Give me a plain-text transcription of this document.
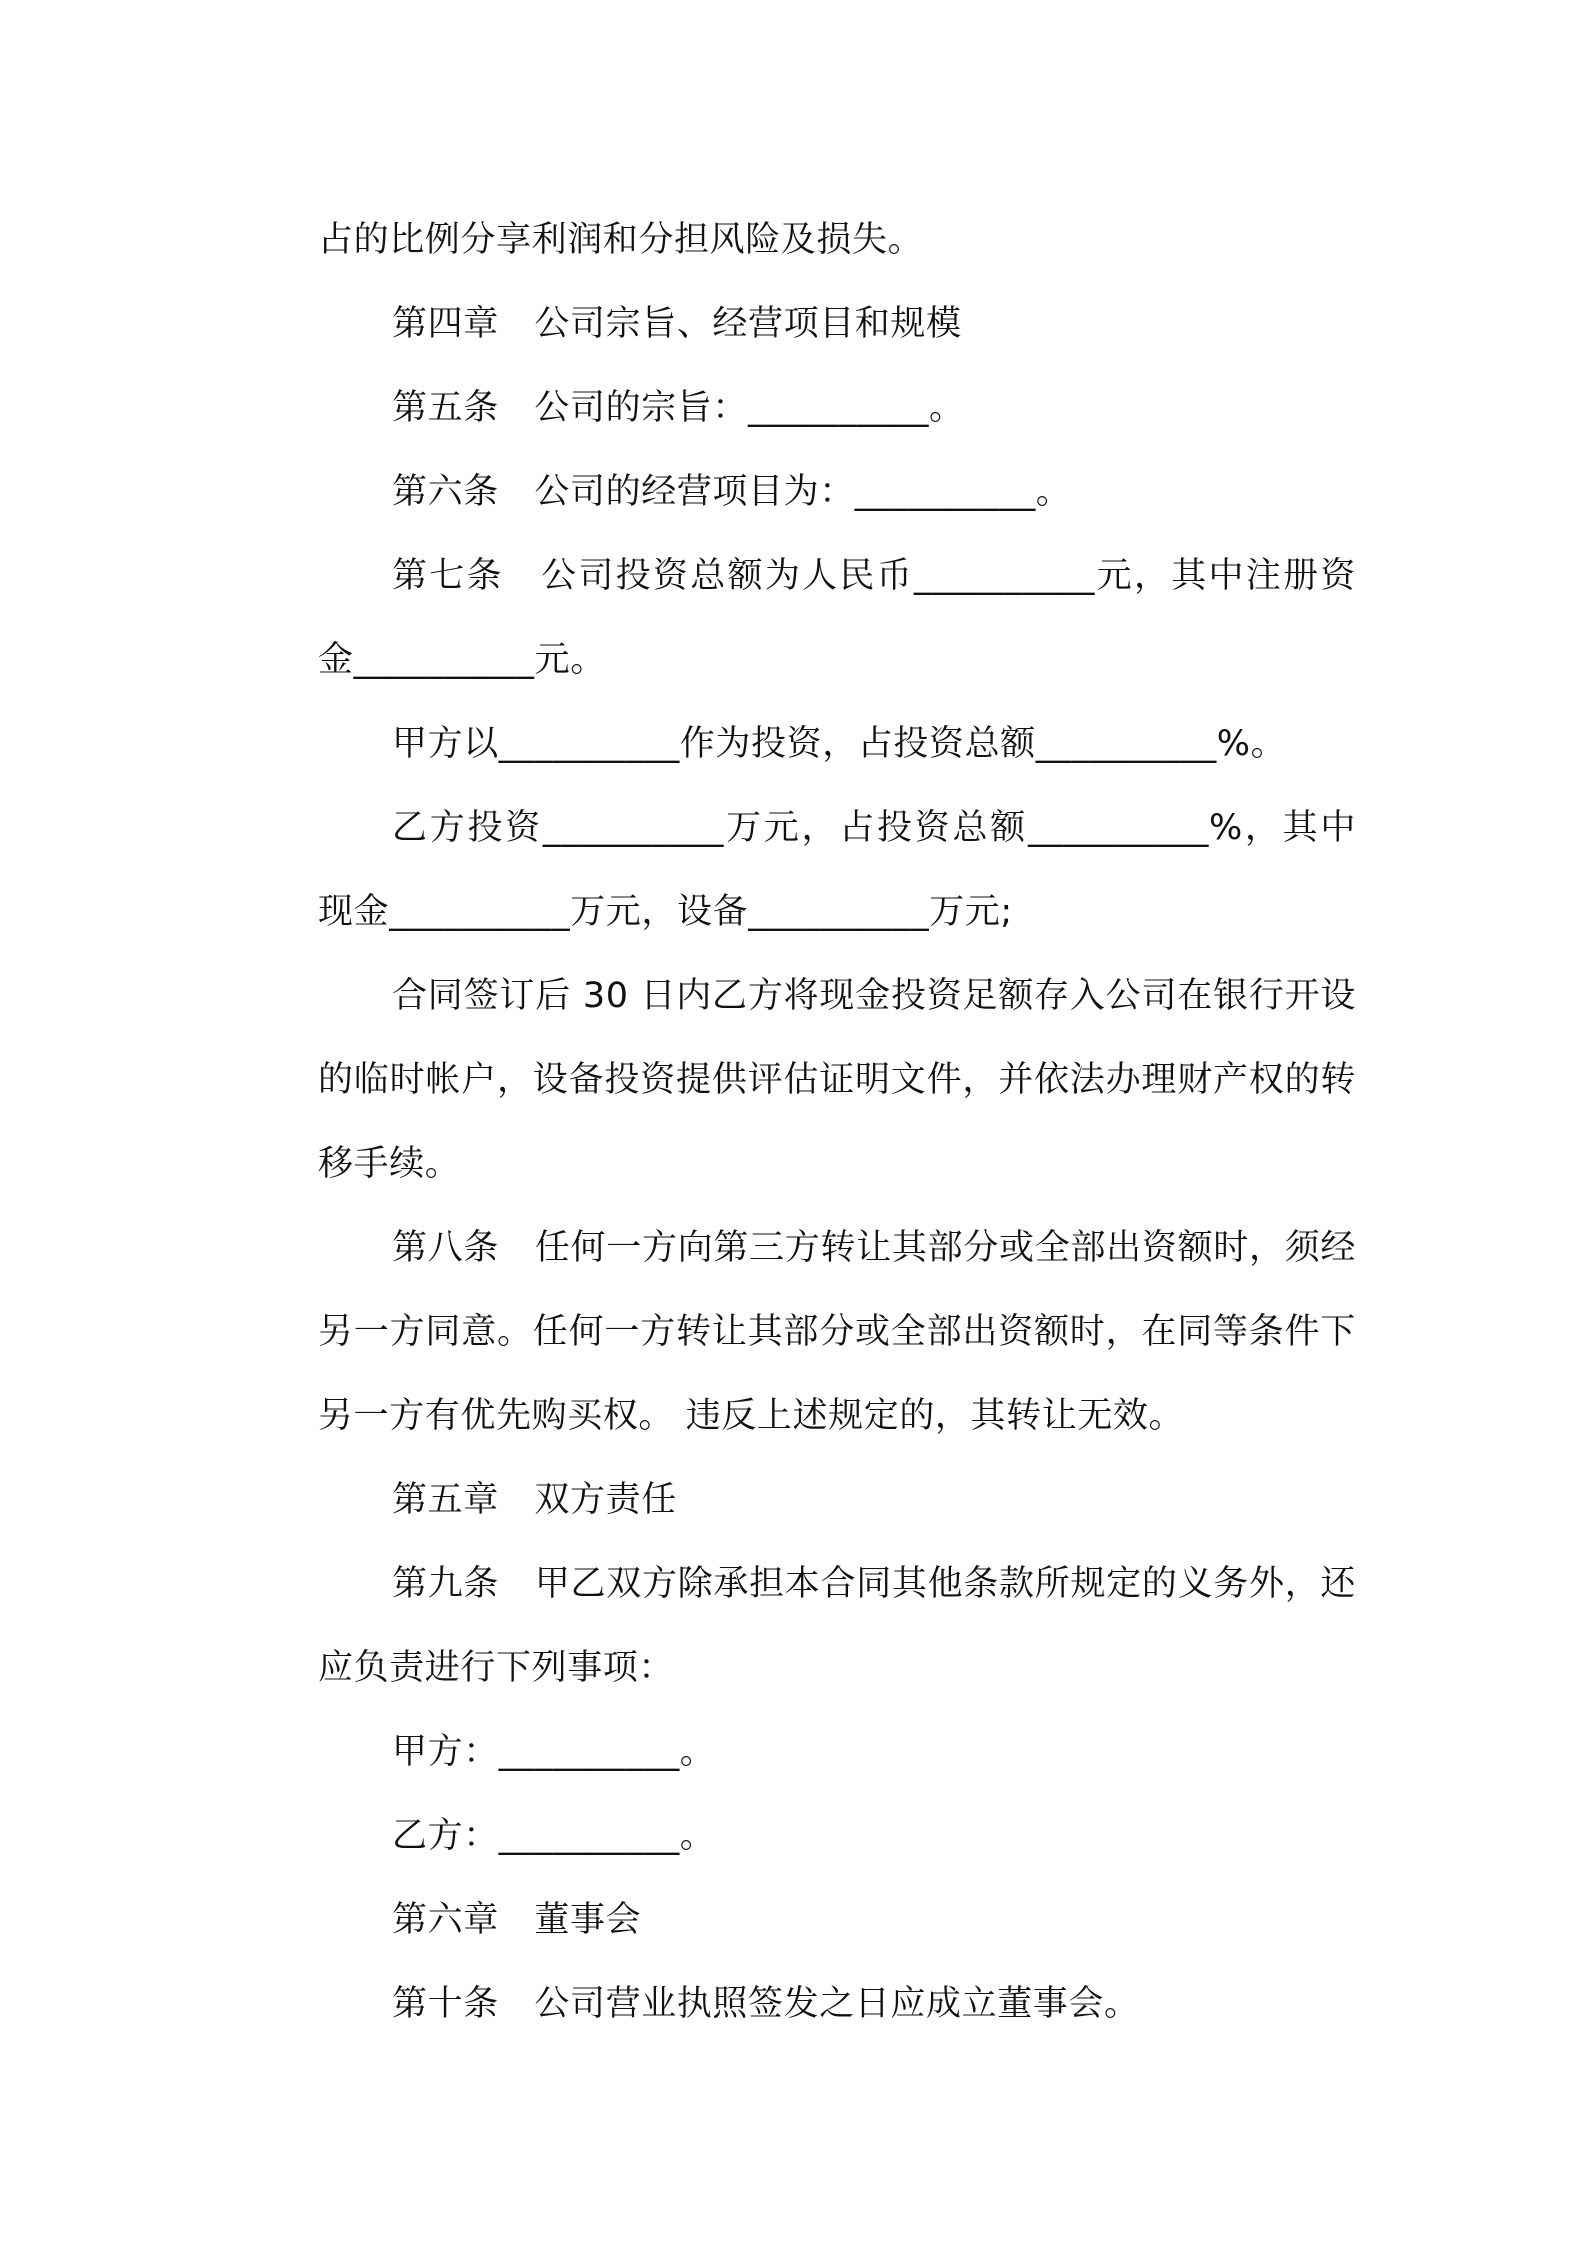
占的比例分享利润和分担风险及损失。

第四章　公司宗旨、经营项目和规模

第五条　公司的宗旨：__________。

第六条　公司的经营项目为：__________。

第七条　公司投资总额为人民币__________元，其中注册资金__________元。

甲方以__________作为投资，占投资总额__________%。

乙方投资__________万元，占投资总额__________%，其中现金__________万元，设备__________万元;

合同签订后 30 日内乙方将现金投资足额存入公司在银行开设的临时帐户，设备投资提供评估证明文件，并依法办理财产权的转移手续。

第八条　任何一方向第三方转让其部分或全部出资额时，须经另一方同意。任何一方转让其部分或全部出资额时，在同等条件下另一方有优先购买权。 违反上述规定的，其转让无效。

第五章　双方责任

第九条　甲乙双方除承担本合同其他条款所规定的义务外，还应负责进行下列事项：

甲方：__________。

乙方：__________。

第六章　董事会

第十条　公司营业执照签发之日应成立董事会。
